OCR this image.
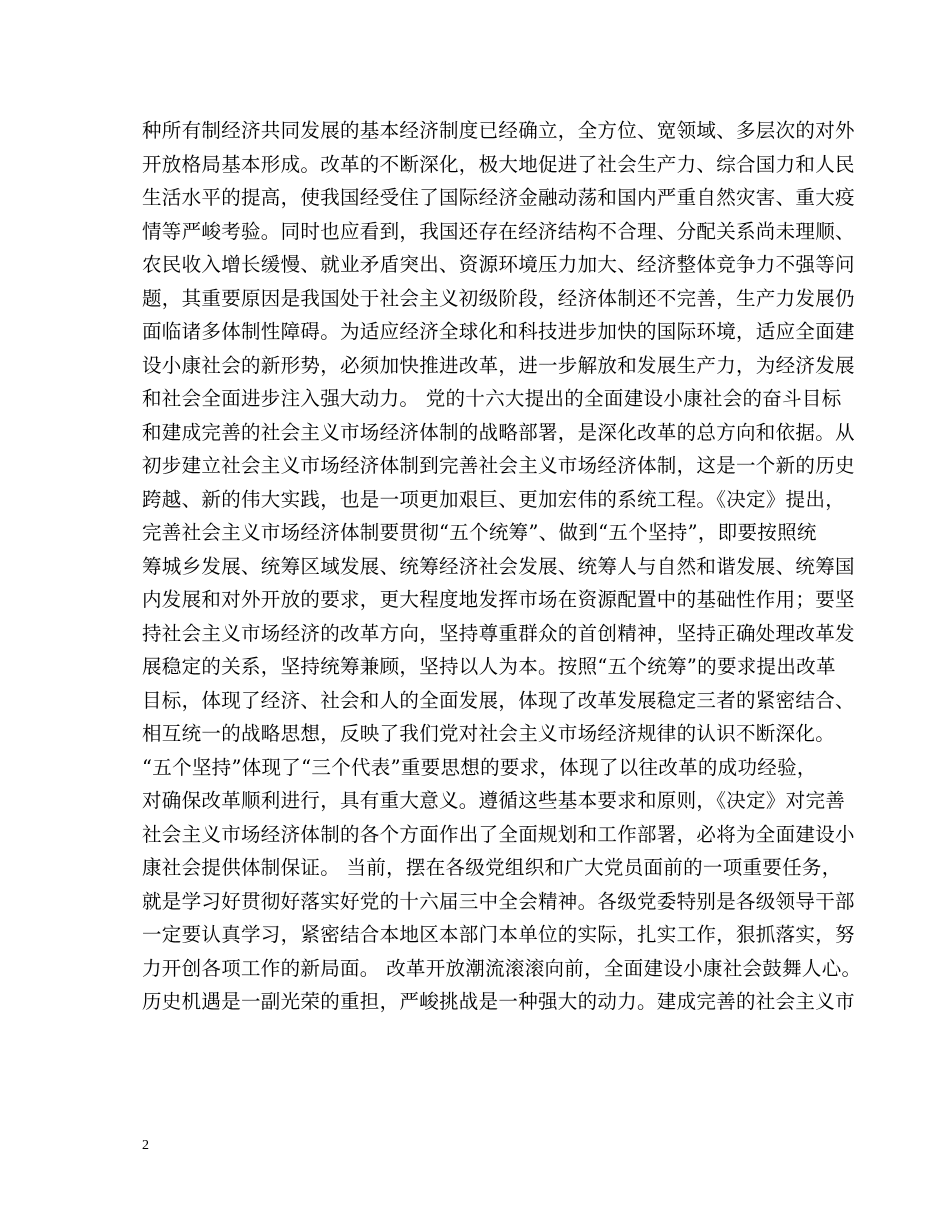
种所有制经济共同发展的基本经济制度已经确立，全方位、宽领域、多层次的对外
开放格局基本形成。改革的不断深化，极大地促进了社会生产力、综合国力和人民
生活水平的提高，使我国经受住了国际经济金融动荡和国内严重自然灾害、重大疫
情等严峻考验。同时也应看到，我国还存在经济结构不合理、分配关系尚未理顺、
农民收入增长缓慢、就业矛盾突出、资源环境压力加大、经济整体竞争力不强等问
题，其重要原因是我国处于社会主义初级阶段，经济体制还不完善，生产力发展仍
面临诸多体制性障碍。为适应经济全球化和科技进步加快的国际环境，适应全面建
设小康社会的新形势，必须加快推进改革，进一步解放和发展生产力，为经济发展
和社会全面进步注入强大动力。 党的十六大提出的全面建设小康社会的奋斗目标
和建成完善的社会主义市场经济体制的战略部署，是深化改革的总方向和依据。从
初步建立社会主义市场经济体制到完善社会主义市场经济体制，这是一个新的历史
跨越、新的伟大实践，也是一项更加艰巨、更加宏伟的系统工程。《决定》提出，
完善社会主义市场经济体制要贯彻“五个统筹”、做到“五个坚持”，即要按照统
筹城乡发展、统筹区域发展、统筹经济社会发展、统筹人与自然和谐发展、统筹国
内发展和对外开放的要求，更大程度地发挥市场在资源配置中的基础性作用；要坚
持社会主义市场经济的改革方向，坚持尊重群众的首创精神，坚持正确处理改革发
展稳定的关系，坚持统筹兼顾，坚持以人为本。按照“五个统筹”的要求提出改革
目标，体现了经济、社会和人的全面发展，体现了改革发展稳定三者的紧密结合、
相互统一的战略思想，反映了我们党对社会主义市场经济规律的认识不断深化。
“五个坚持”体现了“三个代表”重要思想的要求，体现了以往改革的成功经验，
对确保改革顺利进行，具有重大意义。遵循这些基本要求和原则，《决定》对完善
社会主义市场经济体制的各个方面作出了全面规划和工作部署，必将为全面建设小
康社会提供体制保证。 当前，摆在各级党组织和广大党员面前的一项重要任务，
就是学习好贯彻好落实好党的十六届三中全会精神。各级党委特别是各级领导干部
一定要认真学习，紧密结合本地区本部门本单位的实际，扎实工作，狠抓落实，努
力开创各项工作的新局面。 改革开放潮流滚滚向前，全面建设小康社会鼓舞人心。
历史机遇是一副光荣的重担，严峻挑战是一种强大的动力。建成完善的社会主义市
2
